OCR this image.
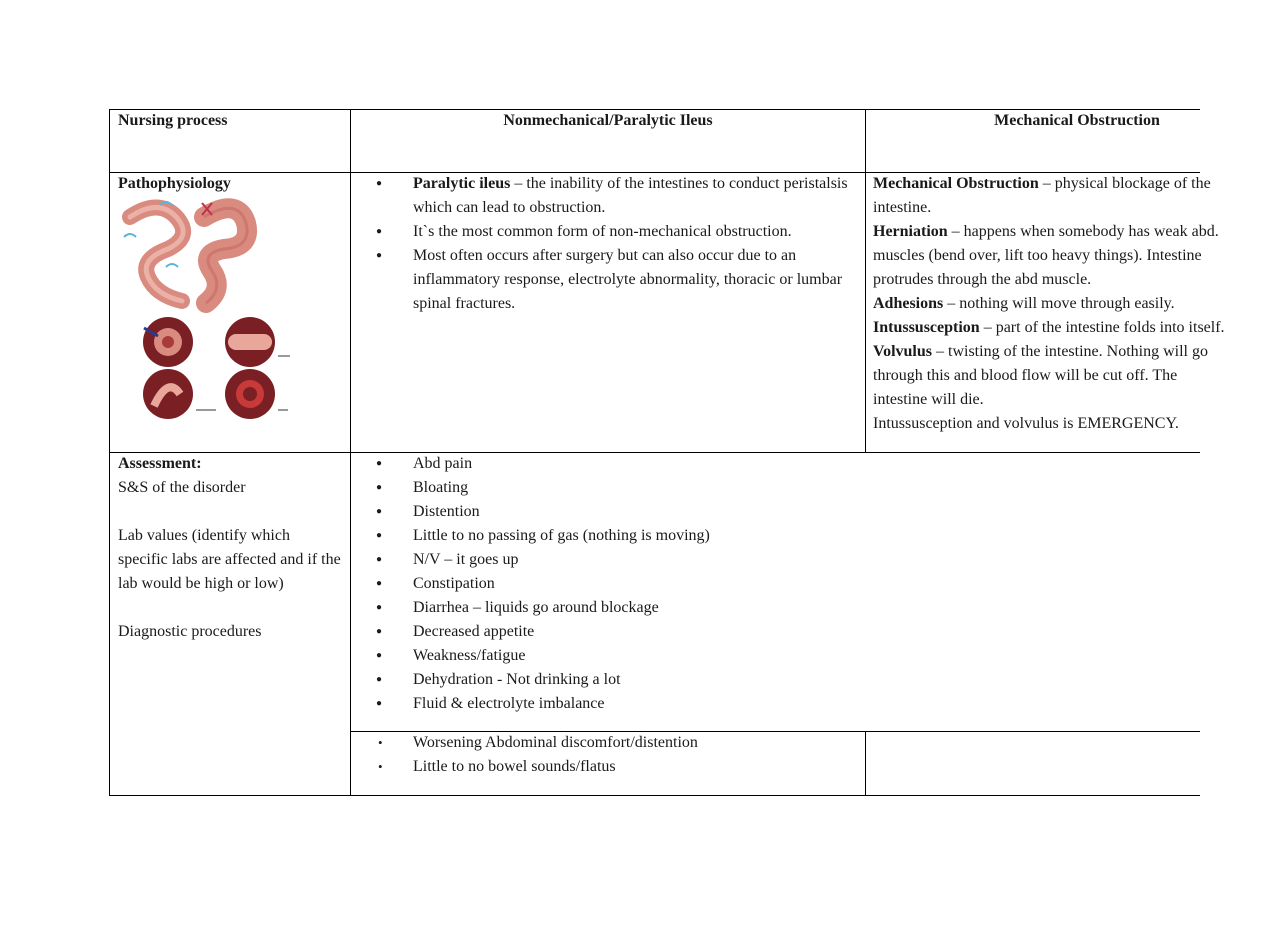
Nursing process	Nonmechanical/Paralytic Ileus	Mechanical Obstruction
Pathophysiology
●	Paralytic ileus – the inability of the intestines to conduct peristalsis which can lead to obstruction.
● It`s the most common form of non-mechanical obstruction.
● Most often occurs after surgery but can also occur due to an inflammatory response, electrolyte abnormality, thoracic or lumbar spinal fractures.
Mechanical Obstruction – physical blockage of the intestine.
Herniation – happens when somebody has weak abd. muscles (bend over, lift too heavy things). Intestine protrudes through the abd muscle.
Adhesions – nothing will move through easily.
Intussusception – part of the intestine folds into itself.
Volvulus – twisting of the intestine. Nothing will go through this and blood flow will be cut off. The intestine will die.
Intussusception and volvulus is EMERGENCY.
Assessment:
S&S of the disorder
Lab values (identify which specific labs are affected and if the lab would be high or low)
Diagnostic procedures
● Abd pain
● Bloating
● Distention
● Little to no passing of gas (nothing is moving)
● N/V – it goes up
● Constipation
● Diarrhea – liquids go around blockage
● Decreased appetite
● Weakness/fatigue
● Dehydration - Not drinking a lot
● Fluid & electrolyte imbalance
• Worsening Abdominal discomfort/distention
• Little to no bowel sounds/flatus
